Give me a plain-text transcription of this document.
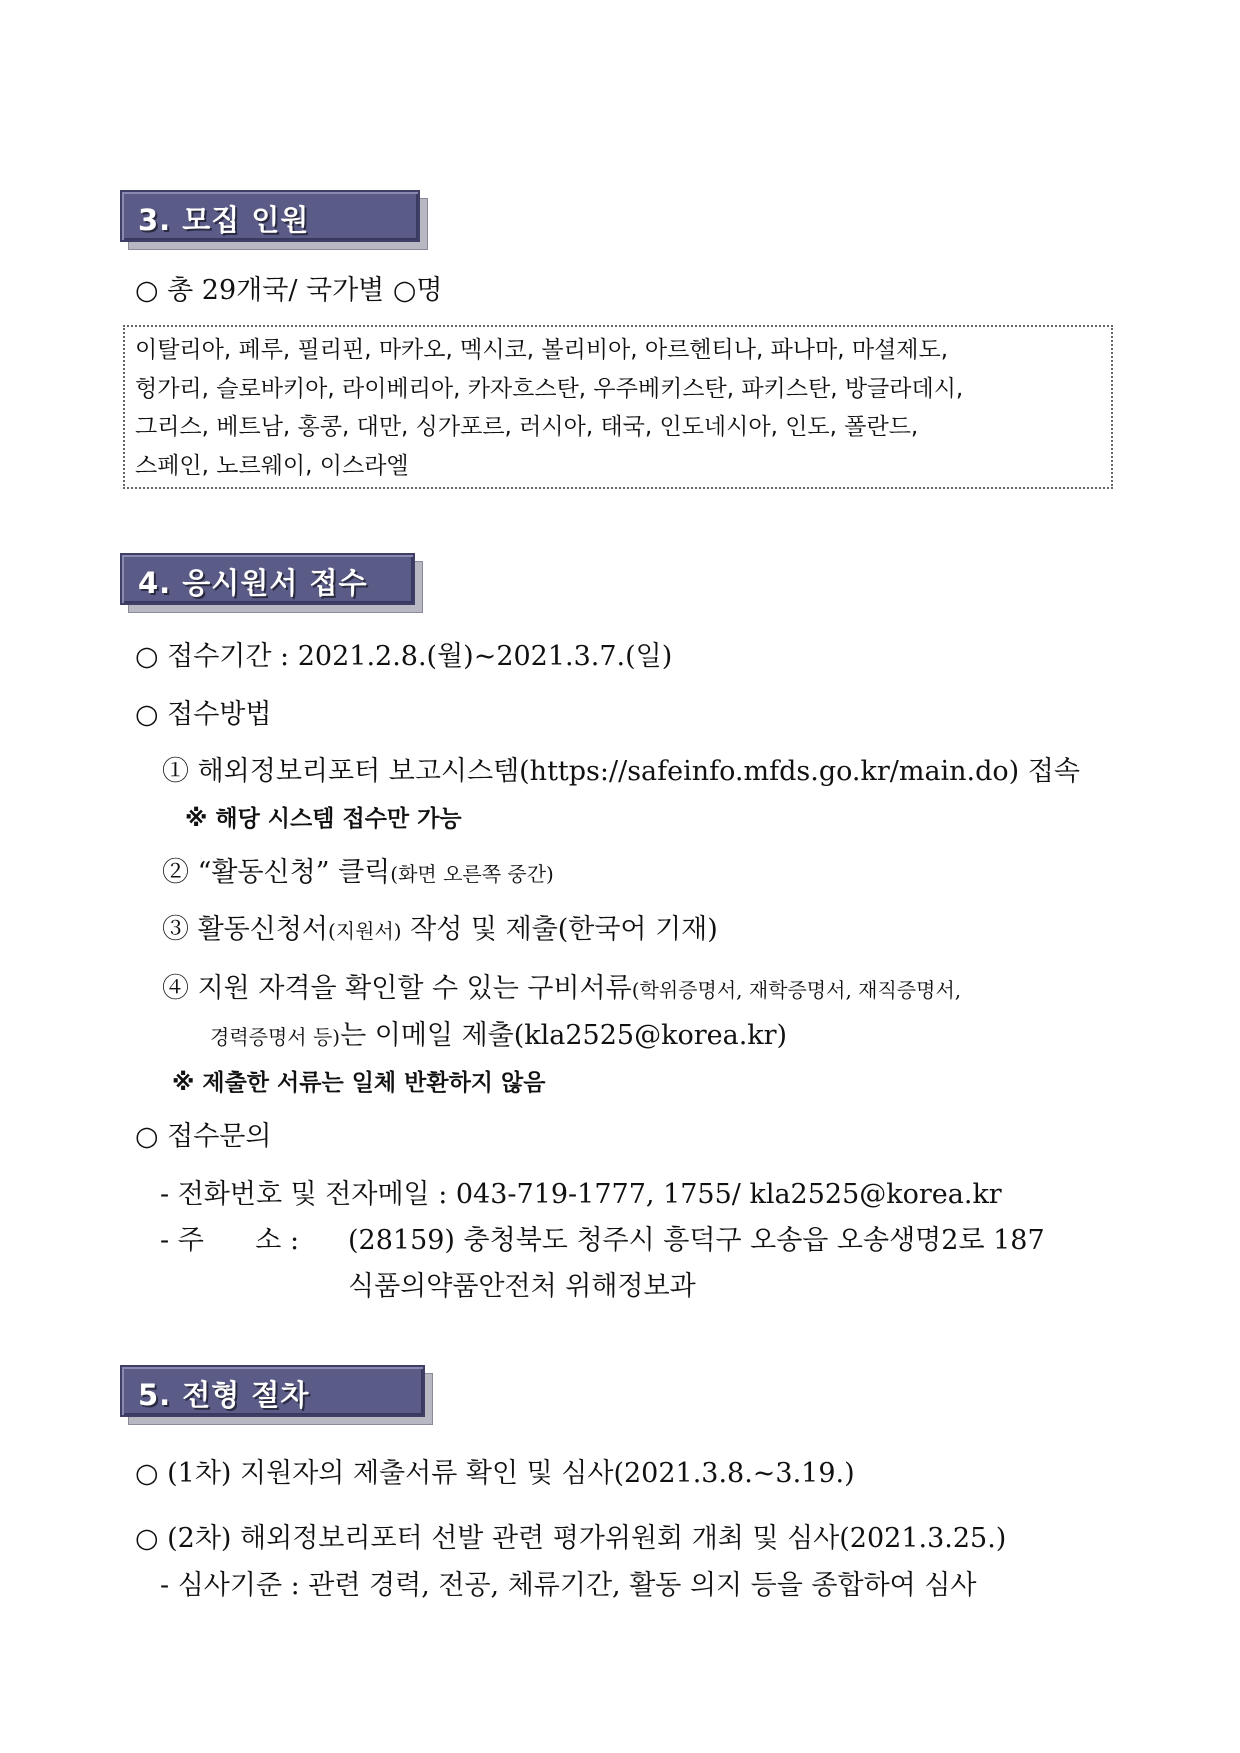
3. 모집 인원
○ 총 29개국/ 국가별 ○명
이탈리아, 페루, 필리핀, 마카오, 멕시코, 볼리비아, 아르헨티나, 파나마, 마셜제도,
헝가리, 슬로바키아, 라이베리아, 카자흐스탄, 우주베키스탄, 파키스탄, 방글라데시,
그리스, 베트남, 홍콩, 대만, 싱가포르, 러시아, 태국, 인도네시아, 인도, 폴란드,
스페인, 노르웨이, 이스라엘
4. 응시원서 접수
○ 접수기간 : 2021.2.8.(월)~2021.3.7.(일)
○ 접수방법
① 해외정보리포터 보고시스템(https://safeinfo.mfds.go.kr/main.do) 접속
※ 해당 시스템 접수만 가능
② “활동신청” 클릭(화면 오른쪽 중간)
③ 활동신청서(지원서) 작성 및 제출(한국어 기재)
④ 지원 자격을 확인할 수 있는 구비서류(학위증명서, 재학증명서, 재직증명서,
경력증명서 등)는 이메일 제출(kla2525@korea.kr)
※ 제출한 서류는 일체 반환하지 않음
○ 접수문의
- 전화번호 및 전자메일 : 043-719-1777, 1755/ kla2525@korea.kr
- 주      소 : (28159) 충청북도 청주시 흥덕구 오송읍 오송생명2로 187
식품의약품안전처 위해정보과
5. 전형 절차
○ (1차) 지원자의 제출서류 확인 및 심사(2021.3.8.~3.19.)
○ (2차) 해외정보리포터 선발 관련 평가위원회 개최 및 심사(2021.3.25.)
- 심사기준 : 관련 경력, 전공, 체류기간, 활동 의지 등을 종합하여 심사
